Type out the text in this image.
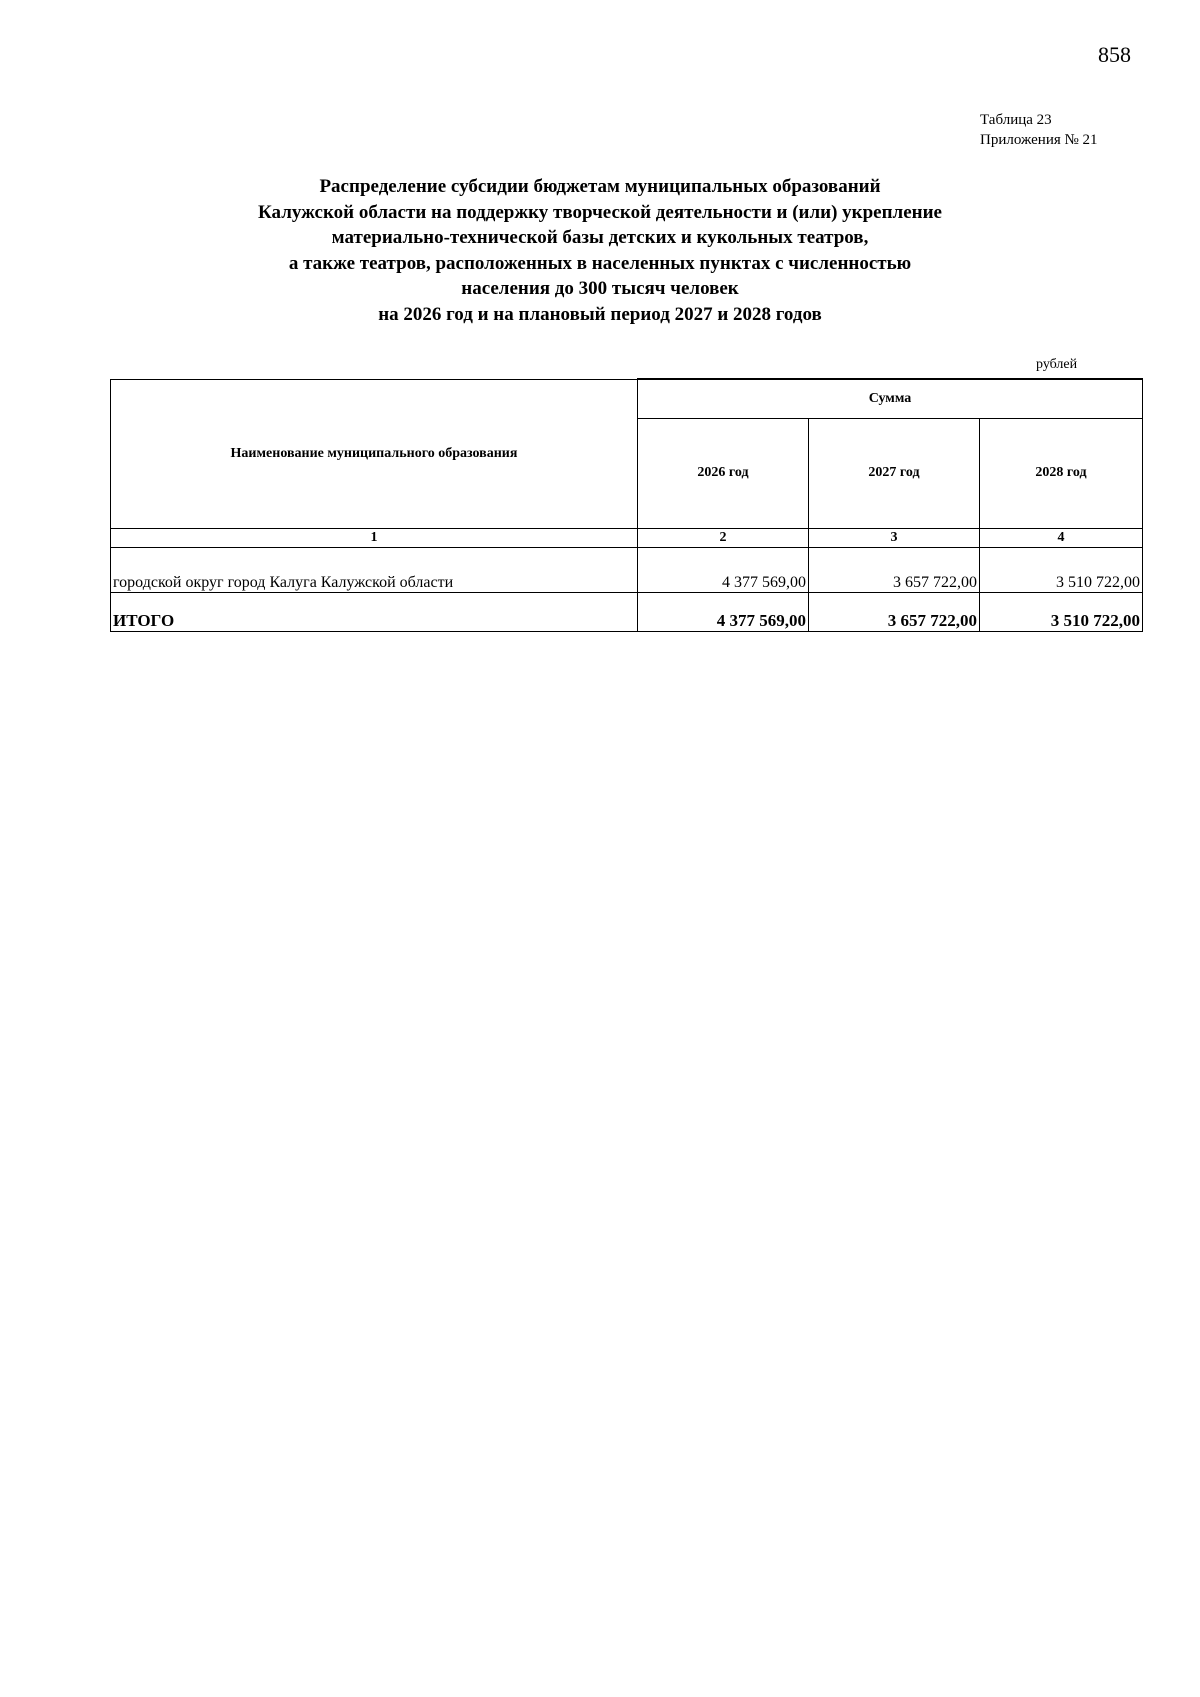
858
Таблица 23
Приложения № 21
Распределение субсидии бюджетам муниципальных образований
Калужской области на поддержку творческой деятельности и (или) укрепление
материально-технической базы детских и кукольных театров,
а также театров, расположенных в населенных пунктах с численностью
населения до 300 тысяч человек
на 2026 год и на плановый период 2027 и 2028 годов
рублей
Наименование муниципального образования	Сумма		
	2026 год	2027 год	2028 год
1	2	3	4
городской округ город Калуга Калужской области	4 377 569,00	3 657 722,00	3 510 722,00
ИТОГО	4 377 569,00	3 657 722,00	3 510 722,00
